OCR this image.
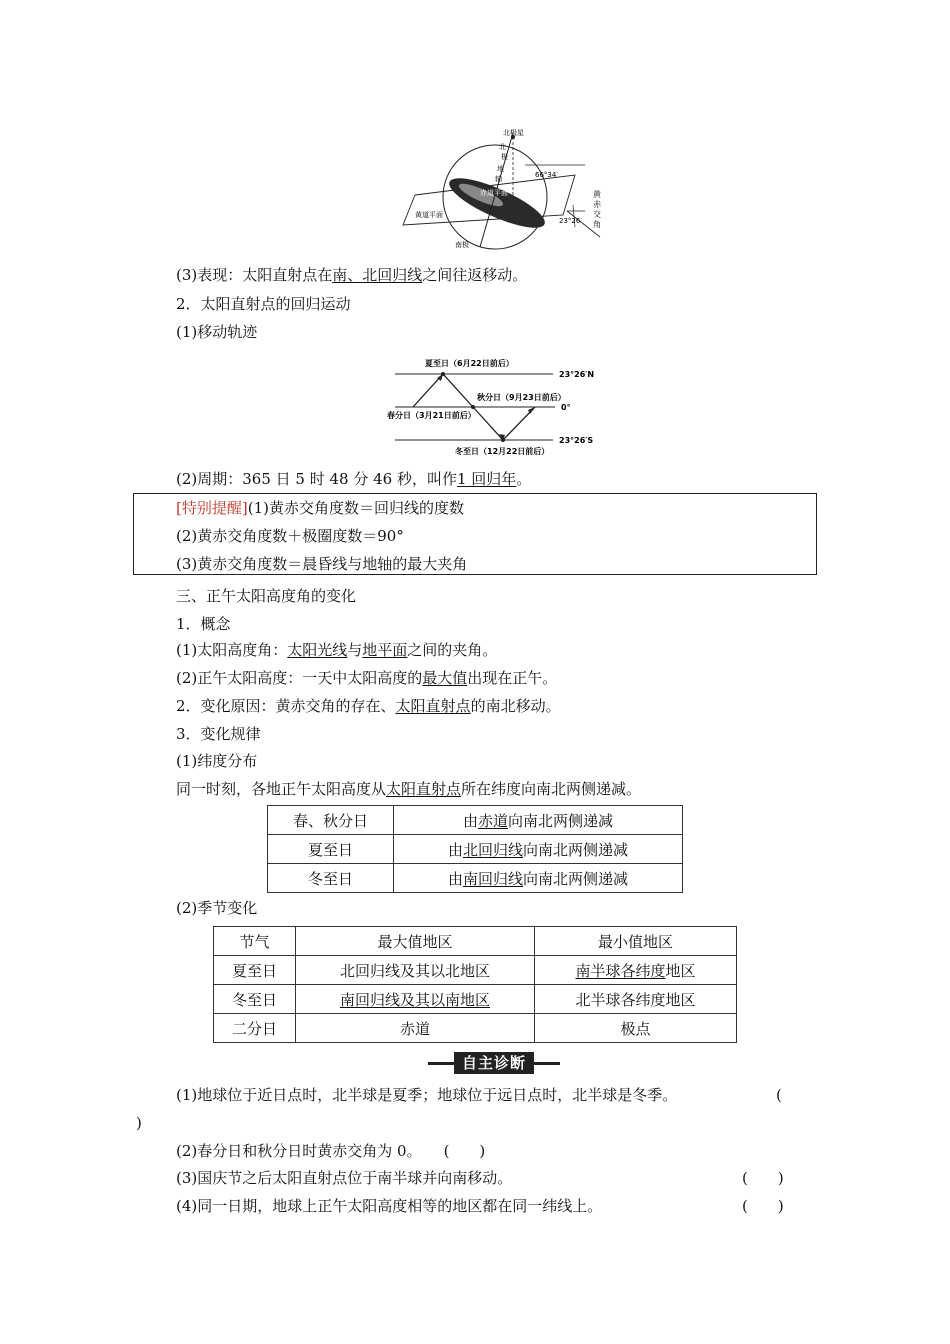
北极星
北
极
地
轴	66°34′
23°26′
赤道平面
黄道平面
南极
黄
赤
交
角
(3)表现：太阳直射点在南、北回归线之间往返移动。
2．太阳直射点的回归运动
(1)移动轨迹
夏至日（6月22日前后）
秋分日（9月23日前后）
春分日（3月21日前后）
冬至日（12月22日前后）
23°26′N
0°
23°26′S
(2)周期：365 日 5 时 48 分 46 秒，叫作1 回归年。
[特别提醒](1)黄赤交角度数＝回归线的度数
(2)黄赤交角度数＋极圈度数＝90°
(3)黄赤交角度数＝晨昏线与地轴的最大夹角
三、正午太阳高度角的变化
1．概念
(1)太阳高度角：太阳光线与地平面之间的夹角。
(2)正午太阳高度：一天中太阳高度的最大值出现在正午。
2．变化原因：黄赤交角的存在、太阳直射点的南北移动。
3．变化规律
(1)纬度分布
同一时刻，各地正午太阳高度从太阳直射点所在纬度向南北两侧递减。
春、秋分日	由赤道向南北两侧递减
夏至日	由北回归线向南北两侧递减
冬至日	由南回归线向南北两侧递减
(2)季节变化
节气	最大值地区	最小值地区
夏至日	北回归线及其以北地区	南半球各纬度地区
冬至日	南回归线及其以南地区	北半球各纬度地区
二分日	赤道	极点
自主诊断
(1)地球位于近日点时，北半球是夏季；地球位于远日点时，北半球是冬季。	(
)
(2)春分日和秋分日时黄赤交角为 0。 (　　)
(3)国庆节之后太阳直射点位于南半球并向南移动。	(　　)
(4)同一日期，地球上正午太阳高度相等的地区都在同一纬线上。	(　　)
